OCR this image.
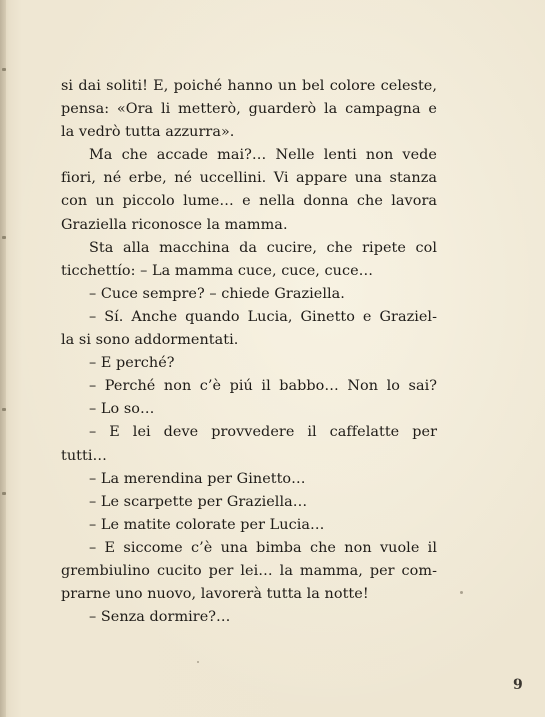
si dai soliti! E, poiché hanno un bel colore celeste,
pensa: «Ora li metterò, guarderò la campagna e
la vedrò tutta azzurra».
Ma che accade mai?… Nelle lenti non vede
fiori, né erbe, né uccellini. Vi appare una stanza
con un piccolo lume… e nella donna che lavora
Graziella riconosce la mamma.
Sta alla macchina da cucire, che ripete col
ticchettío: – La mamma cuce, cuce, cuce…
– Cuce sempre? – chiede Graziella.
– Sí. Anche quando Lucia, Ginetto e Graziel-
la si sono addormentati.
– E perché?
– Perché non c’è piú il babbo… Non lo sai?
– Lo so…
– E lei deve provvedere il caffelatte per
tutti…
– La merendina per Ginetto…
– Le scarpette per Graziella…
– Le matite colorate per Lucia…
– E siccome c’è una bimba che non vuole il
grembiulino cucito per lei… la mamma, per com-
prarne uno nuovo, lavorerà tutta la notte!
– Senza dormire?…
9
